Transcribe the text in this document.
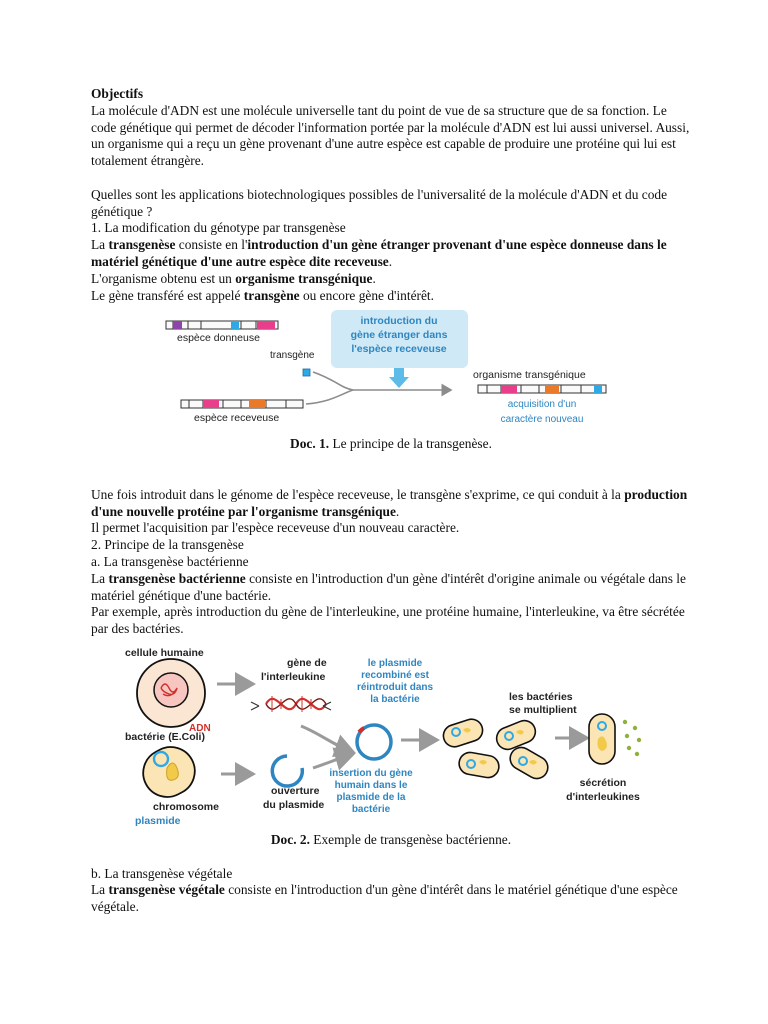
Objectifs

La molécule d'ADN est une molécule universelle tant du point de vue de sa structure que de sa fonction. Le code génétique qui permet de décoder l'information portée par la molécule d'ADN est lui aussi universel. Aussi, un organisme qui a reçu un gène provenant d'une autre espèce est capable de produire une protéine qui lui est totalement étrangère.

Quelles sont les applications biotechnologiques possibles de l'universalité de la molécule d'ADN et du code génétique ?

1. La modification du génotype par transgenèse

La transgenèse consiste en l'introduction d'un gène étranger provenant d'une espèce donneuse dans le matériel génétique d'une autre espèce dite receveuse.

L'organisme obtenu est un organisme transgénique.

Le gène transféré est appelé transgène ou encore gène d'intérêt.

espèce donneuse
transgène
espèce receveuse
introduction du
gène étranger dans
l'espèce receveuse
organisme transgénique
acquisition d'un
caractère nouveau

Doc. 1. Le principe de la transgenèse.

Une fois introduit dans le génome de l'espèce receveuse, le transgène s'exprime, ce qui conduit à la production d'une nouvelle protéine par l'organisme transgénique.

Il permet l'acquisition par l'espèce receveuse d'un nouveau caractère.

2. Principe de la transgenèse

a. La transgenèse bactérienne

La transgenèse bactérienne consiste en l'introduction d'un gène d'intérêt d'origine animale ou végétale dans le matériel génétique d'une bactérie.

Par exemple, après introduction du gène de l'interleukine, une protéine humaine, l'interleukine, va être sécrétée par des bactéries.

cellule humaine
ADN
gène de
l'interleukine
bactérie (E.Coli)
chromosome
plasmide
ouverture
du plasmide
le plasmide
recombiné est
réintroduit dans
la bactérie
insertion du gène
humain dans le
plasmide de la
bactérie
les bactéries
se multiplient
sécrétion
d'interleukines

Doc. 2. Exemple de transgenèse bactérienne.

b. La transgenèse végétale

La transgenèse végétale consiste en l'introduction d'un gène d'intérêt dans le matériel génétique d'une espèce végétale.
